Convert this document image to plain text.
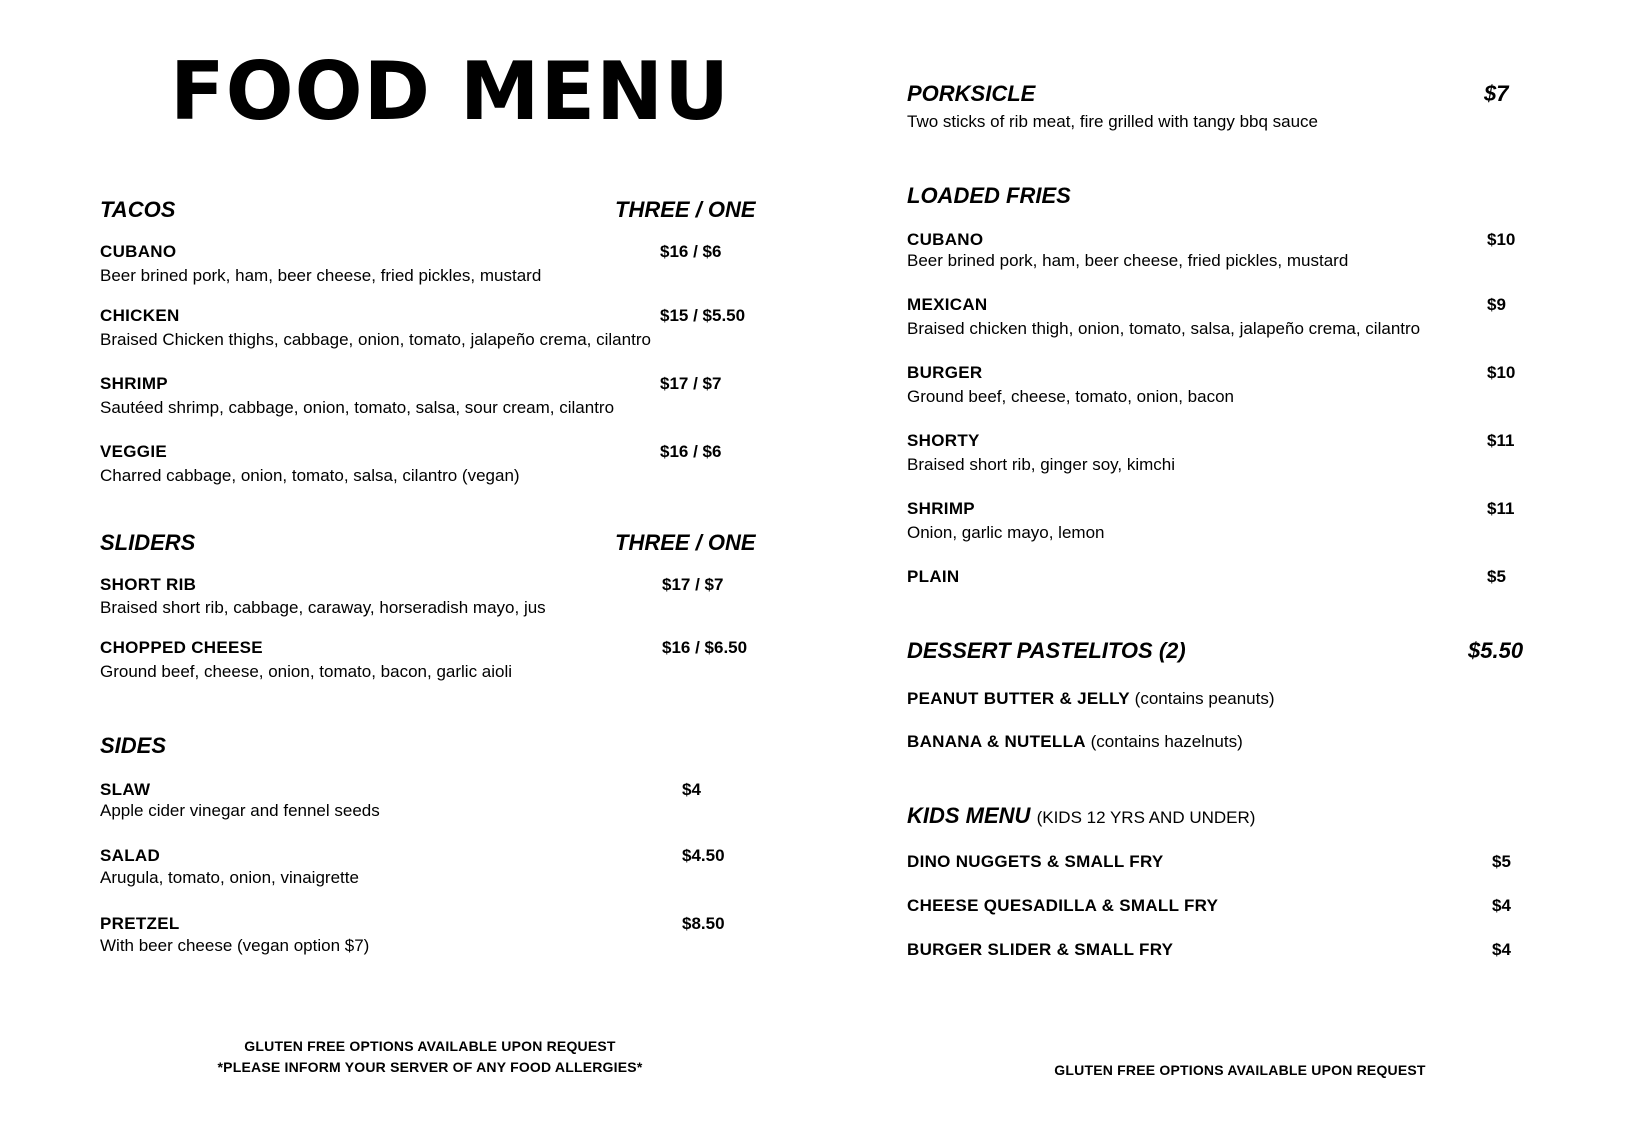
FOOD MENU
TACOS	THREE / ONE
CUBANO	$16 / $6
Beer brined pork, ham, beer cheese, fried pickles, mustard
CHICKEN	$15 / $5.50
Braised Chicken thighs, cabbage, onion, tomato, jalapeño crema, cilantro
SHRIMP	$17 / $7
Sautéed shrimp, cabbage, onion, tomato, salsa, sour cream, cilantro
VEGGIE	$16 / $6
Charred cabbage, onion, tomato, salsa, cilantro (vegan)
SLIDERS	THREE / ONE
SHORT RIB	$17 / $7
Braised short rib, cabbage, caraway, horseradish mayo, jus
CHOPPED CHEESE	$16 / $6.50
Ground beef, cheese, onion, tomato, bacon, garlic aioli
SIDES
SLAW	$4
Apple cider vinegar and fennel seeds
SALAD	$4.50
Arugula, tomato, onion, vinaigrette
PRETZEL	$8.50
With beer cheese (vegan option $7)
GLUTEN FREE OPTIONS AVAILABLE UPON REQUEST
*PLEASE INFORM YOUR SERVER OF ANY FOOD ALLERGIES*
PORKSICLE	$7
Two sticks of rib meat, fire grilled with tangy bbq sauce
LOADED FRIES
CUBANO	$10
Beer brined pork, ham, beer cheese, fried pickles, mustard
MEXICAN	$9
Braised chicken thigh, onion, tomato, salsa, jalapeño crema, cilantro
BURGER	$10
Ground beef, cheese, tomato, onion, bacon
SHORTY	$11
Braised short rib, ginger soy, kimchi
SHRIMP	$11
Onion, garlic mayo, lemon
PLAIN	$5
DESSERT PASTELITOS (2)	$5.50
PEANUT BUTTER & JELLY (contains peanuts)
BANANA & NUTELLA (contains hazelnuts)
KIDS MENU (KIDS 12 YRS AND UNDER)
DINO NUGGETS & SMALL FRY	$5
CHEESE QUESADILLA & SMALL FRY	$4
BURGER SLIDER & SMALL FRY	$4
GLUTEN FREE OPTIONS AVAILABLE UPON REQUEST
